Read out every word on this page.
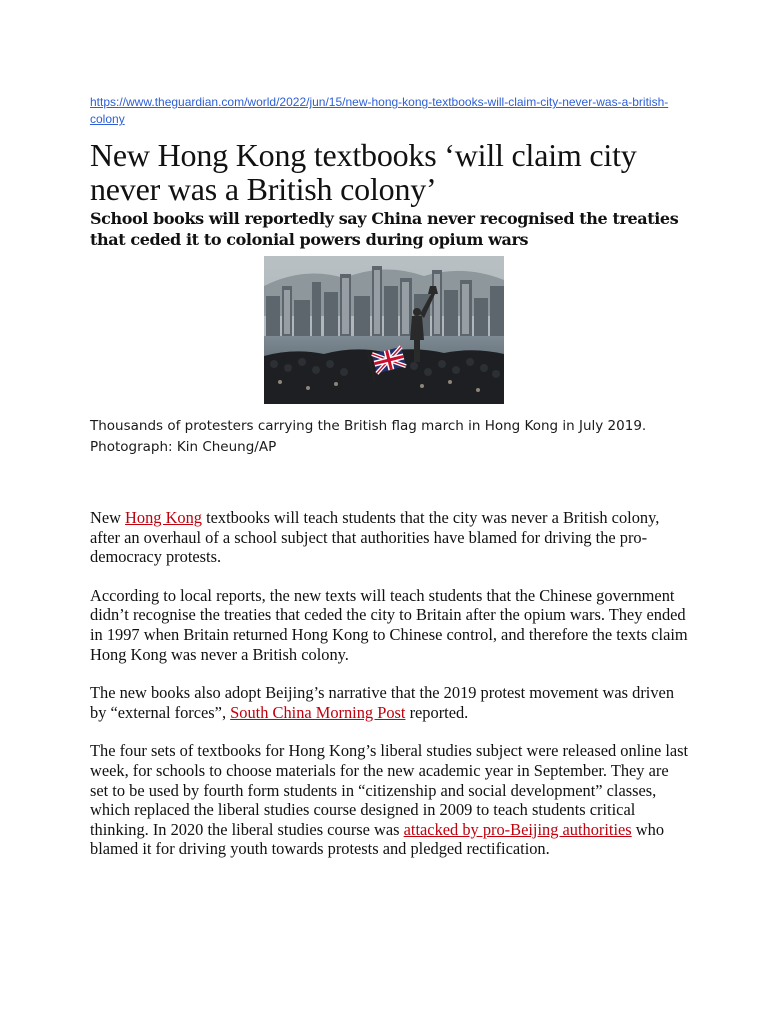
https://www.theguardian.com/world/2022/jun/15/new-hong-kong-textbooks-will-claim-city-never-was-a-british-colony
New Hong Kong textbooks ‘will claim city never was a British colony’
School books will reportedly say China never recognised the treaties that ceded it to colonial powers during opium wars
Thousands of protesters carrying the British flag march in Hong Kong in July 2019. Photograph: Kin Cheung/AP

New Hong Kong textbooks will teach students that the city was never a British colony, after an overhaul of a school subject that authorities have blamed for driving the pro-democracy protests.

According to local reports, the new texts will teach students that the Chinese government didn’t recognise the treaties that ceded the city to Britain after the opium wars. They ended in 1997 when Britain returned Hong Kong to Chinese control, and therefore the texts claim Hong Kong was never a British colony.

The new books also adopt Beijing’s narrative that the 2019 protest movement was driven by “external forces”, South China Morning Post reported.

The four sets of textbooks for Hong Kong’s liberal studies subject were released online last week, for schools to choose materials for the new academic year in September. They are set to be used by fourth form students in “citizenship and social development” classes, which replaced the liberal studies course designed in 2009 to teach students critical thinking. In 2020 the liberal studies course was attacked by pro-Beijing authorities who blamed it for driving youth towards protests and pledged rectification.
